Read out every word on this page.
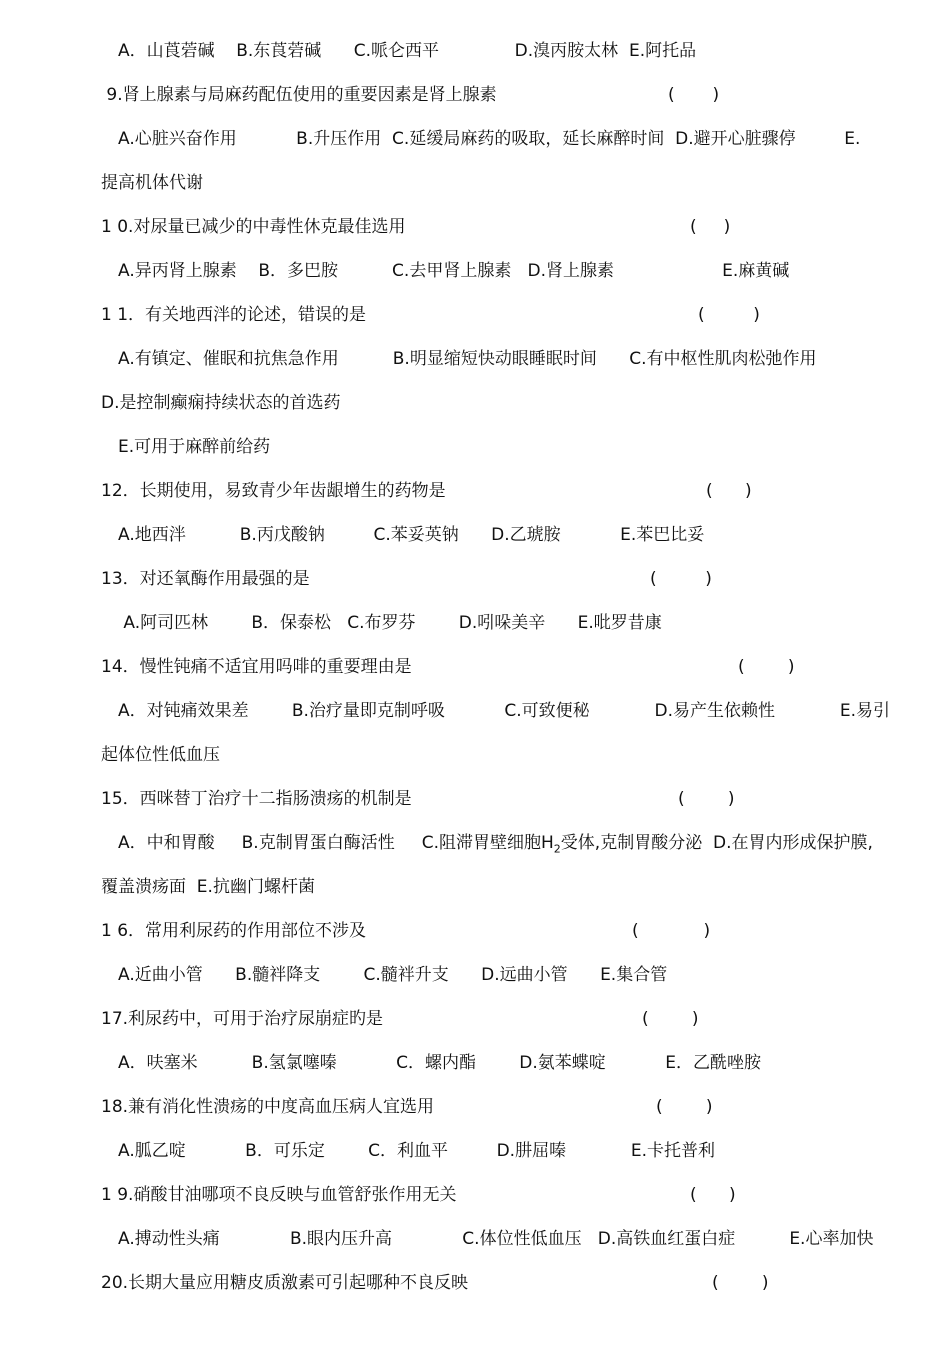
A．山莨菪碱    B.东莨菪碱      C.哌仑西平              D.溴丙胺太林  E.阿托品
9.肾上腺素与局麻药配伍使用的重要因素是肾上腺素	(       )
A.心脏兴奋作用           B.升压作用  C.延缓局麻药的吸取，延长麻醉时间  D.避开心脏骤停         E.
提高机体代谢
1 0.对尿量已减少的中毒性休克最佳选用	(     )
A.异丙肾上腺素    B．多巴胺          C.去甲肾上腺素   D.肾上腺素                    E.麻黄碱
1 1．有关地西泮的论述，错误的是	(         )
A.有镇定、催眠和抗焦急作用          B.明显缩短快动眼睡眠时间      C.有中枢性肌肉松弛作用
D.是控制癫痫持续状态的首选药
E.可用于麻醉前给药
12．长期使用，易致青少年齿龈增生的药物是	(      )
A.地西泮          B.丙戊酸钠         C.苯妥英钠      D.乙琥胺           E.苯巴比妥
13．对还氧酶作用最强的是	(         )
A.阿司匹林        B．保泰松   C.布罗芬        D.吲哚美辛      E.吡罗昔康
14．慢性钝痛不适宜用吗啡的重要理由是	(        )
A．对钝痛效果差        B.治疗量即克制呼吸           C.可致便秘            D.易产生依赖性            E.易引
起体位性低血压
15．西咪替丁治疗十二指肠溃疡的机制是	(        )
A．中和胃酸     B.克制胃蛋白酶活性     C.阻滞胃壁细胞$H_2$受体,克制胃酸分泌  D.在胃内形成保护膜,
覆盖溃疡面  E.抗幽门螺杆菌
1 6．常用利尿药的作用部位不涉及	(            )
A.近曲小管      B.髓袢降支        C.髓袢升支      D.远曲小管      E.集合管
17.利尿药中，可用于治疗尿崩症旳是	(        )
A．呋塞米          B.氢氯噻嗪           C．螺内酯        D.氨苯蝶啶           E．乙酰唑胺
18.兼有消化性溃疡的中度高血压病人宜选用	(        )
A.胍乙啶           B．可乐定        C．利血平         D.肼屈嗪            E.卡托普利
1 9.硝酸甘油哪项不良反映与血管舒张作用无关	(      )
A.搏动性头痛             B.眼内压升高             C.体位性低血压   D.高铁血红蛋白症          E.心率加快
20.长期大量应用糖皮质激素可引起哪种不良反映	(        )
